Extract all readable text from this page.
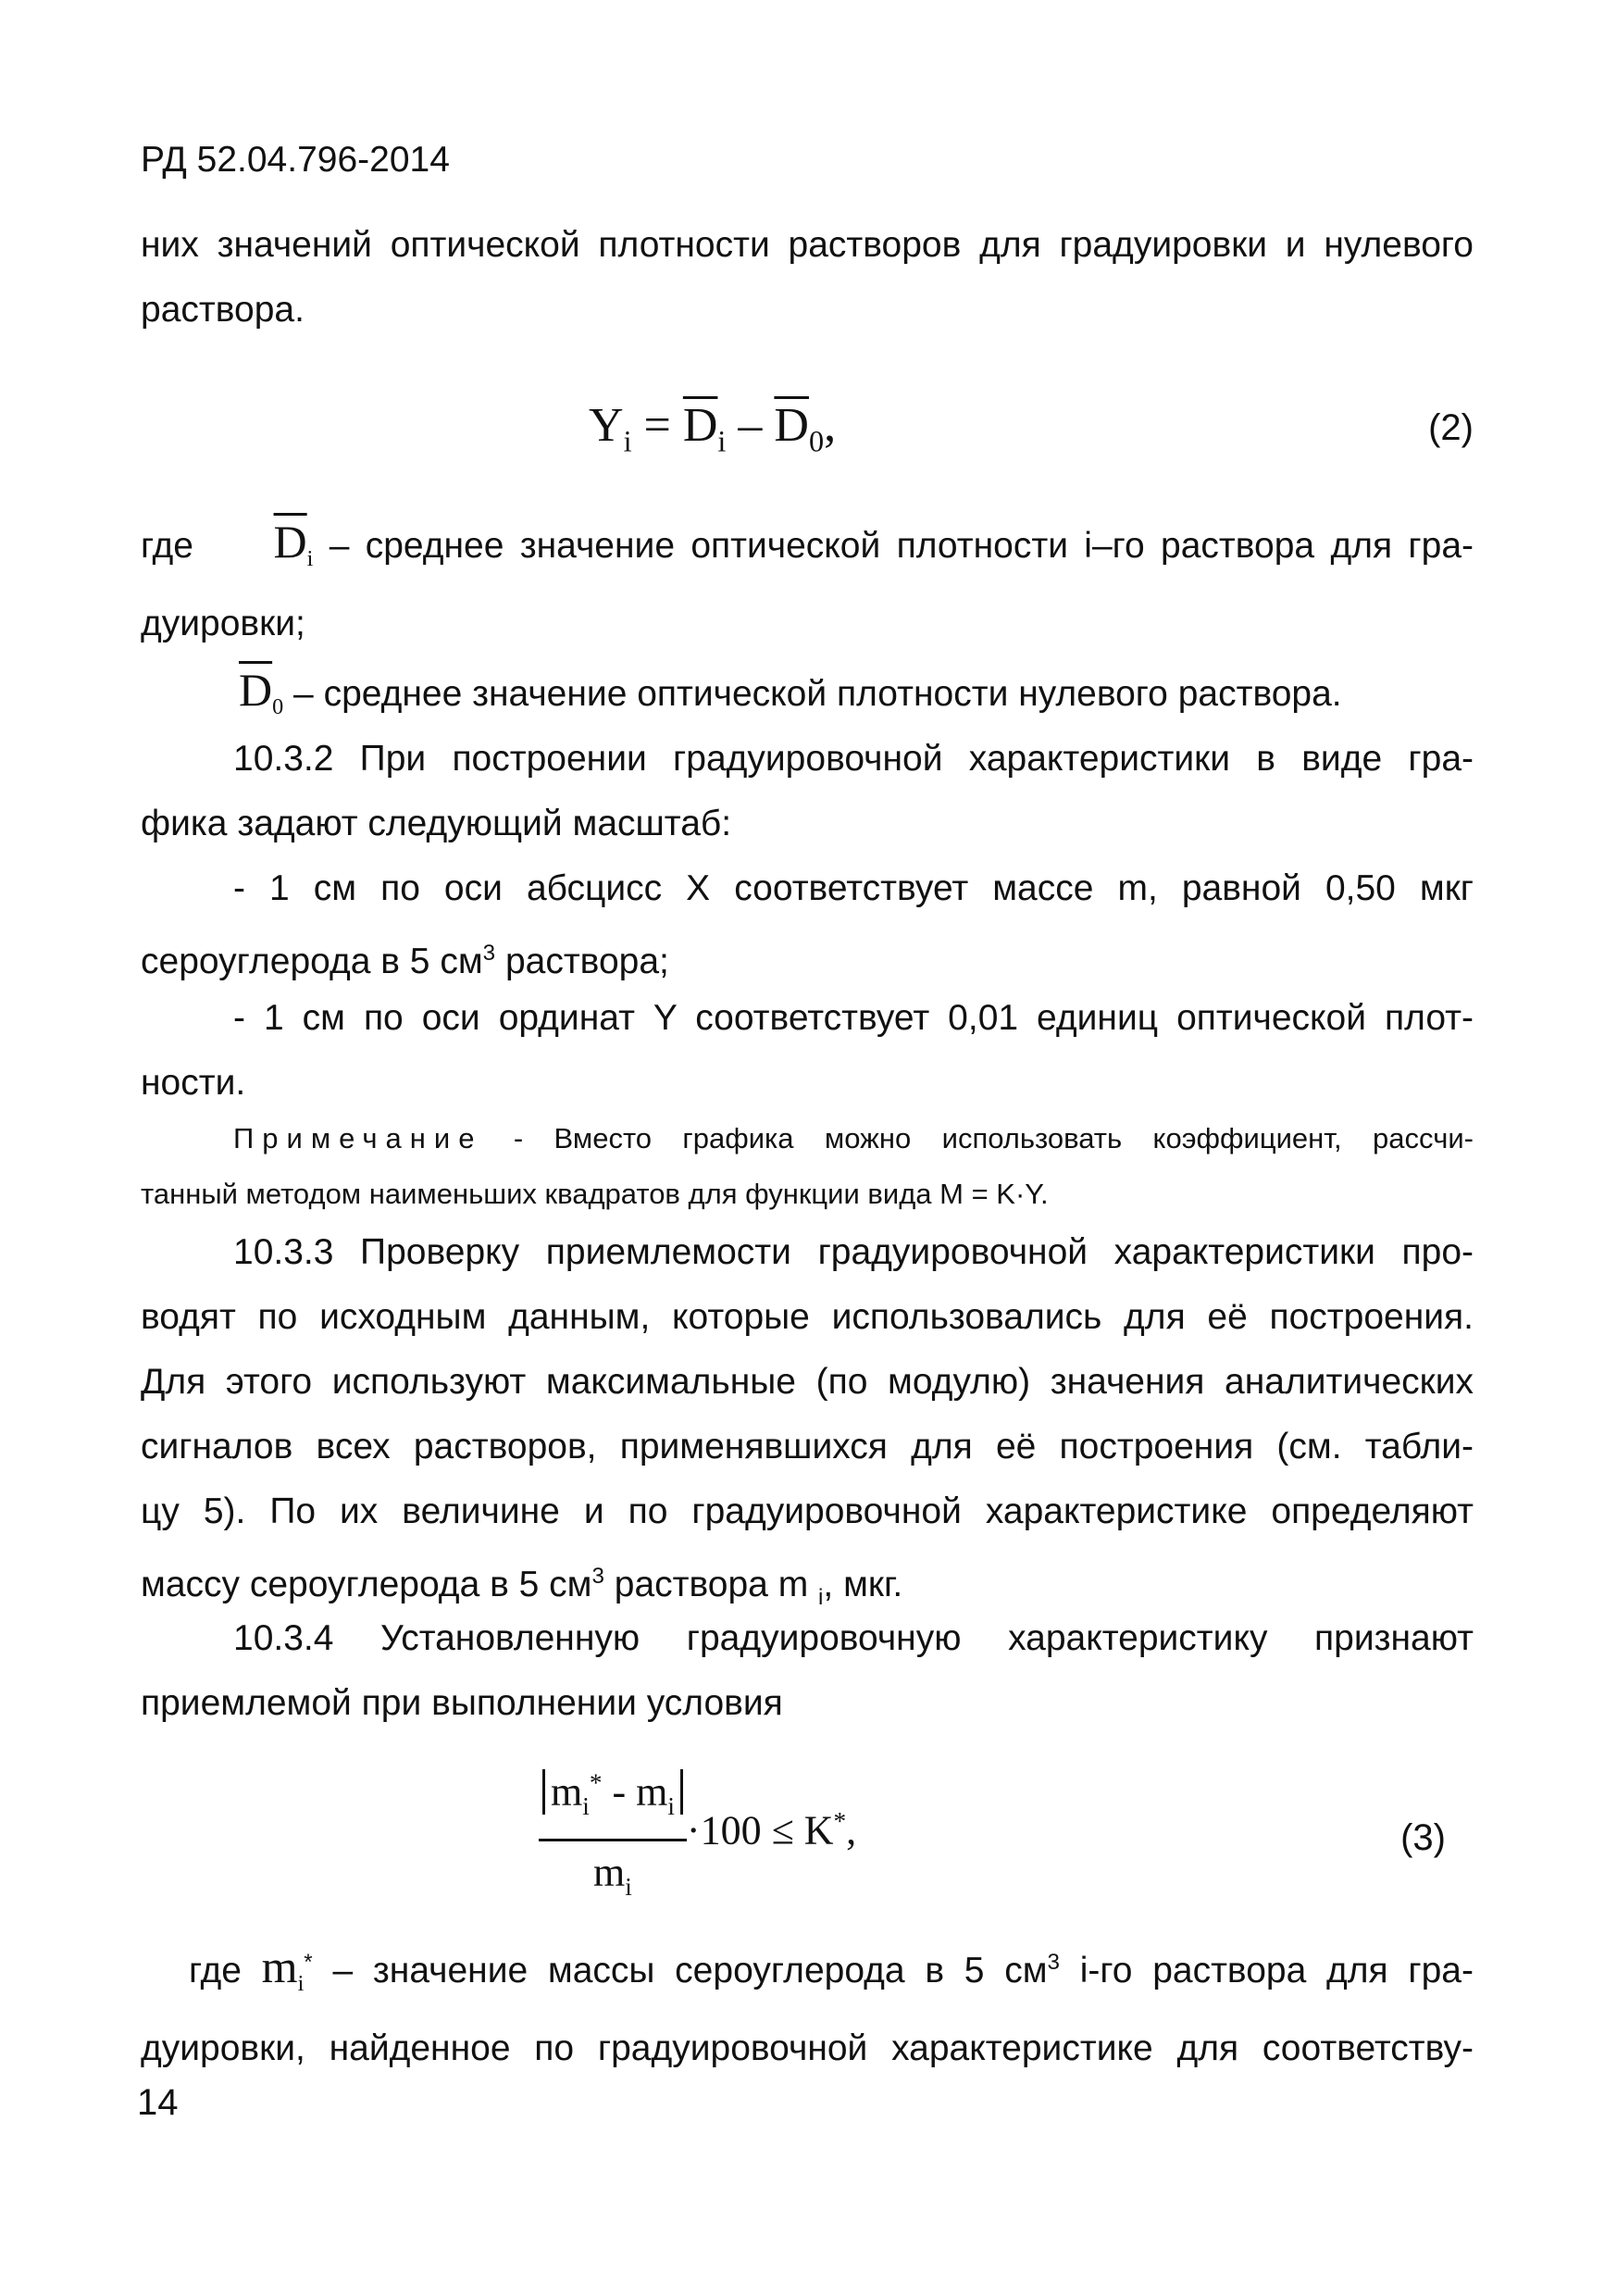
РД 52.04.796-2014

них значений оптической плотности растворов для градуировки и нулевого
раствора.

$Y_i = \overline{D}_i - \overline{D}_0$,	(2)

где $\overline{D}_i$ – среднее значение оптической плотности i–го раствора для гра-
дуировки;

$\overline{D}_0$ – среднее значение оптической плотности нулевого раствора.

10.3.2 При построении градуировочной характеристики в виде гра-
фика задают следующий масштаб:

- 1 см по оси абсцисс X соответствует массе m, равной 0,50 мкг
сероуглерода в 5 $см^3$ раствора;

- 1 см по оси ординат Y соответствует 0,01 единиц оптической плот-
ности.

Примечание - Вместо графика можно использовать коэффициент, рассчи-
танный методом наименьших квадратов для функции вида M = K·Y.

10.3.3 Проверку приемлемости градуировочной характеристики про-
водят по исходным данным, которые использовались для её построения.
Для этого используют максимальные (по модулю) значения аналитических
сигналов всех растворов, применявшихся для её построения (см. табли-
цу 5). По их величине и по градуировочной характеристике определяют
массу сероуглерода в 5 $см^3$ раствора m $_i$, мкг.

10.3.4 Установленную градуировочную характеристику признают
приемлемой при выполнении условия

$\frac{m_i^* - m_i}{m_i} \cdot 100 \le K^*$,	(3)

где $m_i^*$ – значение массы сероуглерода в 5 $см^3$ i-го раствора для гра-
дуировки, найденное по градуировочной характеристике для соответству-

14
